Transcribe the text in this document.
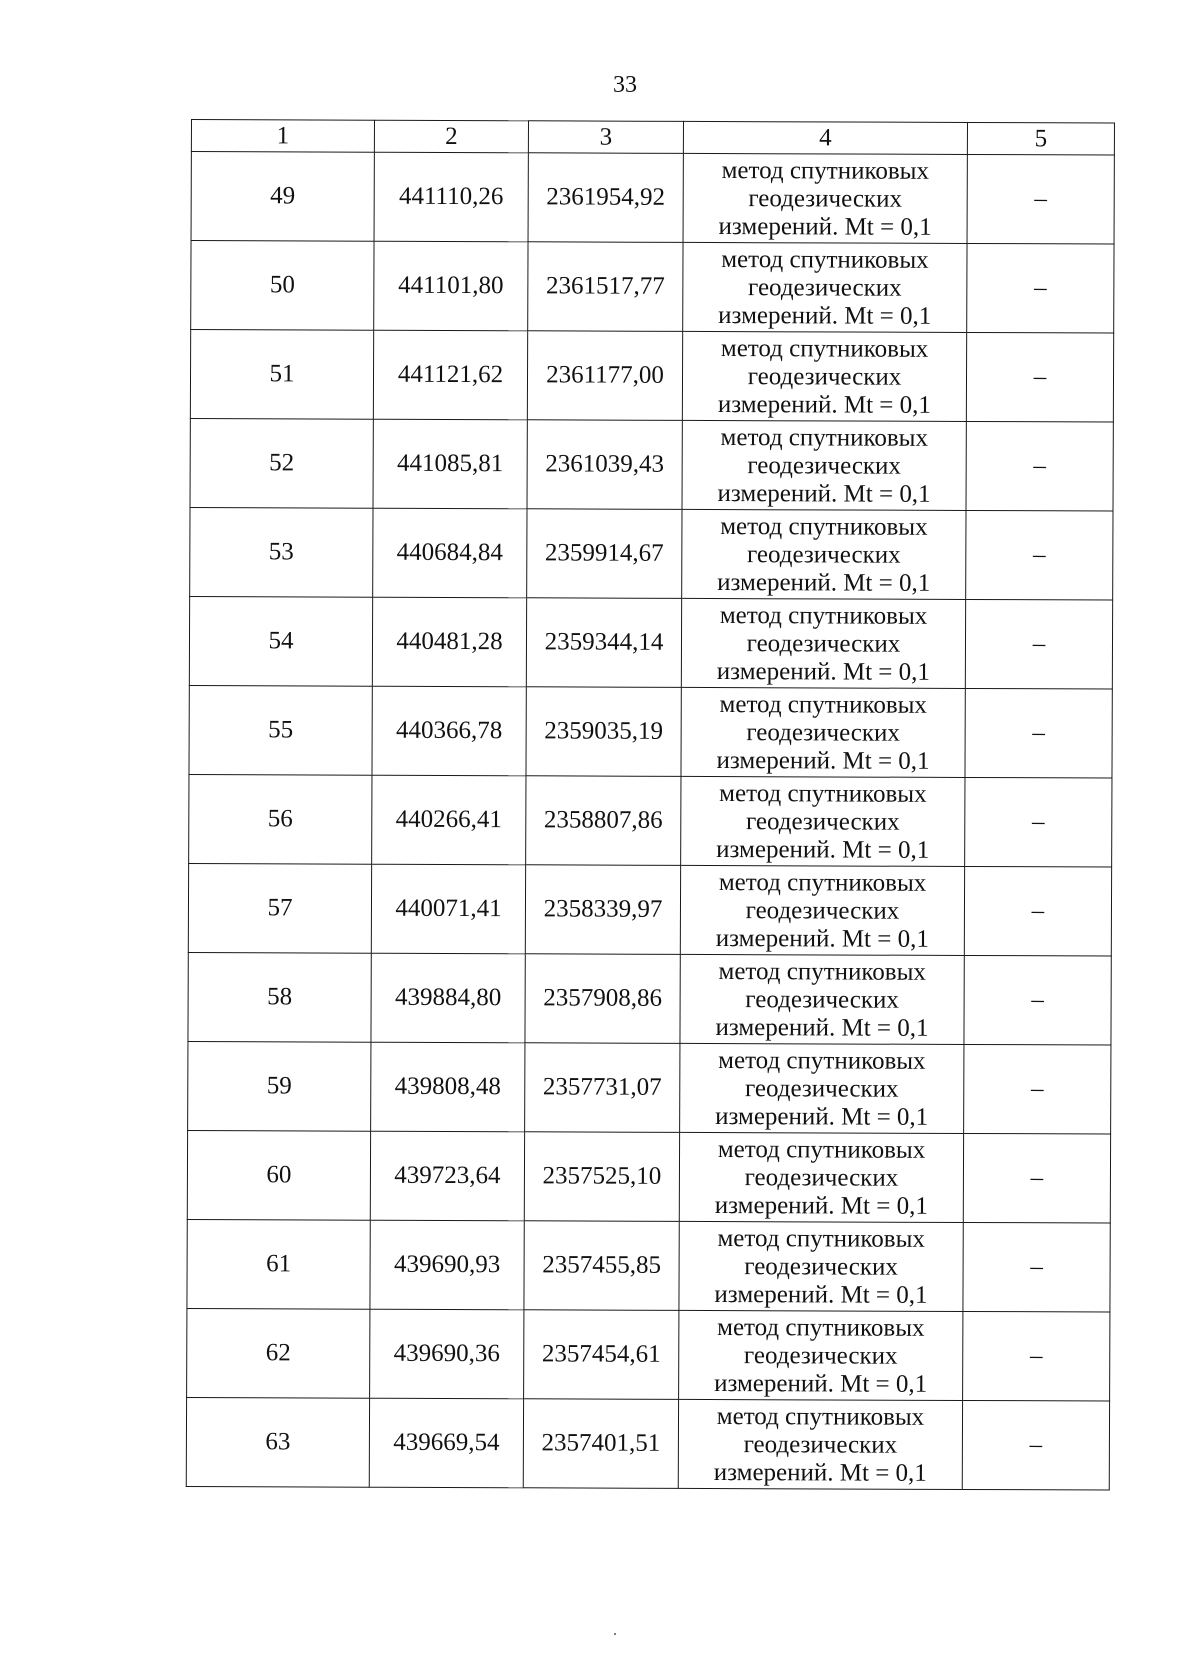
33
1	2	3	4	5
49	441110,26	2361954,92	метод спутниковых
геодезических
измерений. Mt = 0,1	–
50	441101,80	2361517,77	метод спутниковых
геодезических
измерений. Mt = 0,1	–
51	441121,62	2361177,00	метод спутниковых
геодезических
измерений. Mt = 0,1	–
52	441085,81	2361039,43	метод спутниковых
геодезических
измерений. Mt = 0,1	–
53	440684,84	2359914,67	метод спутниковых
геодезических
измерений. Mt = 0,1	–
54	440481,28	2359344,14	метод спутниковых
геодезических
измерений. Mt = 0,1	–
55	440366,78	2359035,19	метод спутниковых
геодезических
измерений. Mt = 0,1	–
56	440266,41	2358807,86	метод спутниковых
геодезических
измерений. Mt = 0,1	–
57	440071,41	2358339,97	метод спутниковых
геодезических
измерений. Mt = 0,1	–
58	439884,80	2357908,86	метод спутниковых
геодезических
измерений. Mt = 0,1	–
59	439808,48	2357731,07	метод спутниковых
геодезических
измерений. Mt = 0,1	–
60	439723,64	2357525,10	метод спутниковых
геодезических
измерений. Mt = 0,1	–
61	439690,93	2357455,85	метод спутниковых
геодезических
измерений. Mt = 0,1	–
62	439690,36	2357454,61	метод спутниковых
геодезических
измерений. Mt = 0,1	–
63	439669,54	2357401,51	метод спутниковых
геодезических
измерений. Mt = 0,1	–
